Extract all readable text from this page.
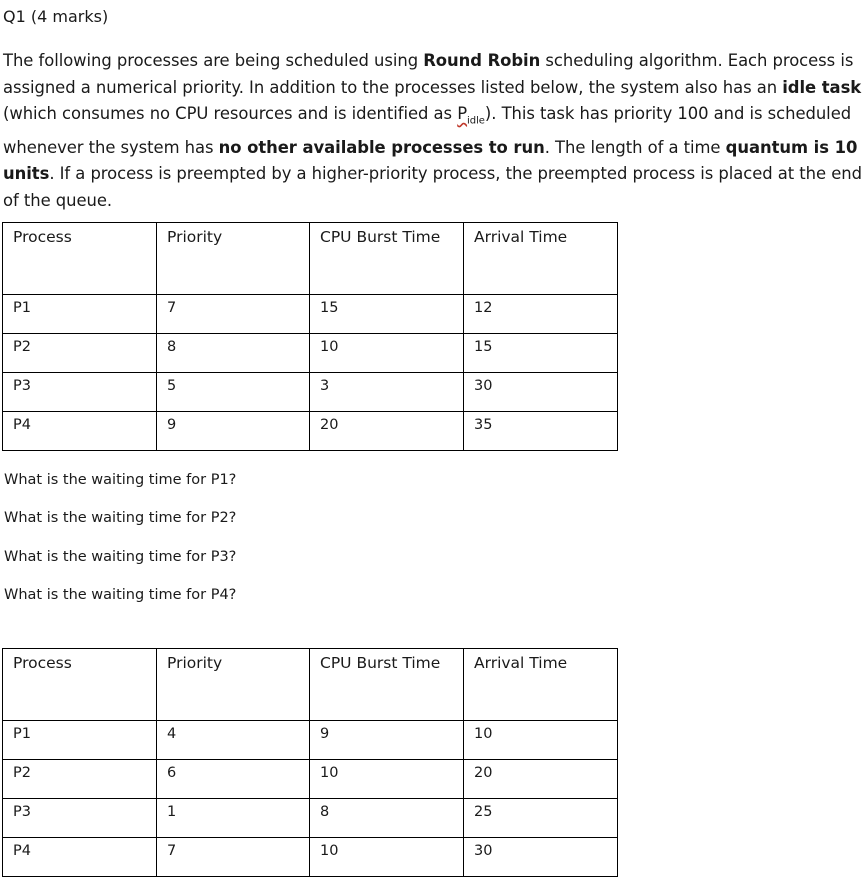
Q1 (4 marks)
The following processes are being scheduled using Round Robin scheduling algorithm. Each process is assigned a numerical priority. In addition to the processes listed below, the system also has an idle task (which consumes no CPU resources and is identified as $P_{idle}$). This task has priority 100 and is scheduled whenever the system has no other available processes to run. The length of a time quantum is 10 units. If a process is preempted by a higher-priority process, the preempted process is placed at the end of the queue.
Process	Priority	CPU Burst Time	Arrival Time
P1	7	15	12
P2	8	10	15
P3	5	3	30
P4	9	20	35
What is the waiting time for P1?
What is the waiting time for P2?
What is the waiting time for P3?
What is the waiting time for P4?
Process	Priority	CPU Burst Time	Arrival Time
P1	4	9	10
P2	6	10	20
P3	1	8	25
P4	7	10	30
